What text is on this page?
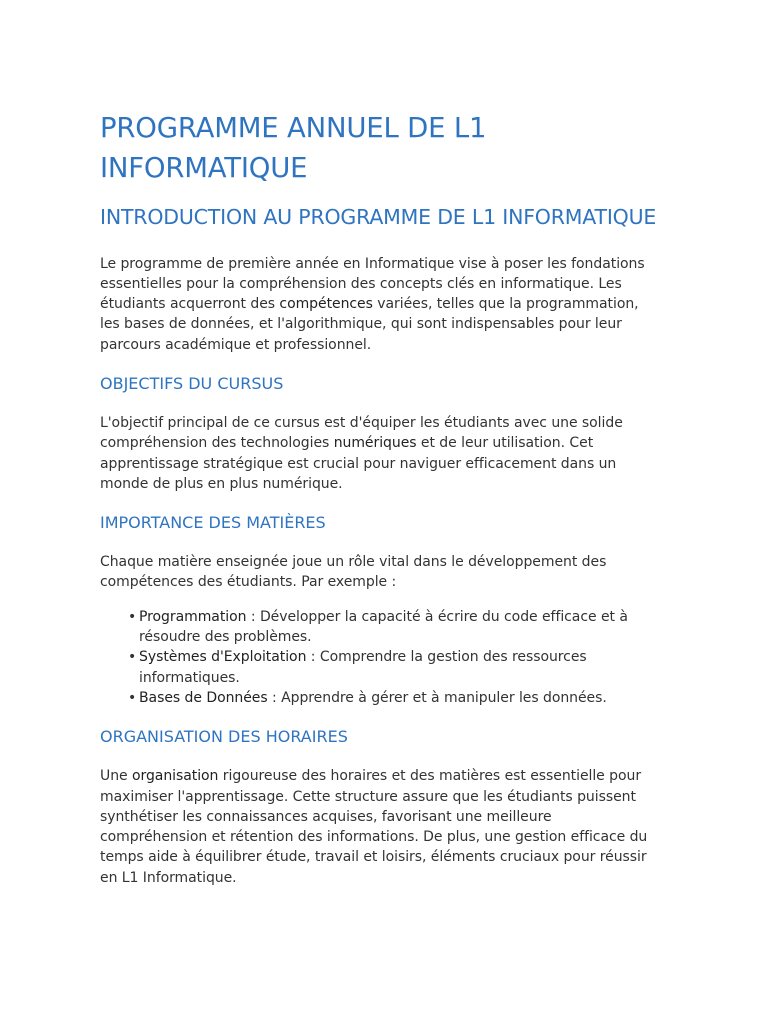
PROGRAMME ANNUEL DE L1 INFORMATIQUE
INTRODUCTION AU PROGRAMME DE L1 INFORMATIQUE

Le programme de première année en Informatique vise à poser les fondations essentielles pour la compréhension des concepts clés en informatique. Les étudiants acquerront des compétences variées, telles que la programmation, les bases de données, et l'algorithmique, qui sont indispensables pour leur parcours académique et professionnel.

OBJECTIFS DU CURSUS

L'objectif principal de ce cursus est d'équiper les étudiants avec une solide compréhension des technologies numériques et de leur utilisation. Cet apprentissage stratégique est crucial pour naviguer efficacement dans un monde de plus en plus numérique.

IMPORTANCE DES MATIÈRES

Chaque matière enseignée joue un rôle vital dans le développement des compétences des étudiants. Par exemple :

• Programmation : Développer la capacité à écrire du code efficace et à résoudre des problèmes.
• Systèmes d'Exploitation : Comprendre la gestion des ressources informatiques.
• Bases de Données : Apprendre à gérer et à manipuler les données.
ORGANISATION DES HORAIRES

Une organisation rigoureuse des horaires et des matières est essentielle pour maximiser l'apprentissage. Cette structure assure que les étudiants puissent synthétiser les connaissances acquises, favorisant une meilleure compréhension et rétention des informations. De plus, une gestion efficace du temps aide à équilibrer étude, travail et loisirs, éléments cruciaux pour réussir en L1 Informatique.
